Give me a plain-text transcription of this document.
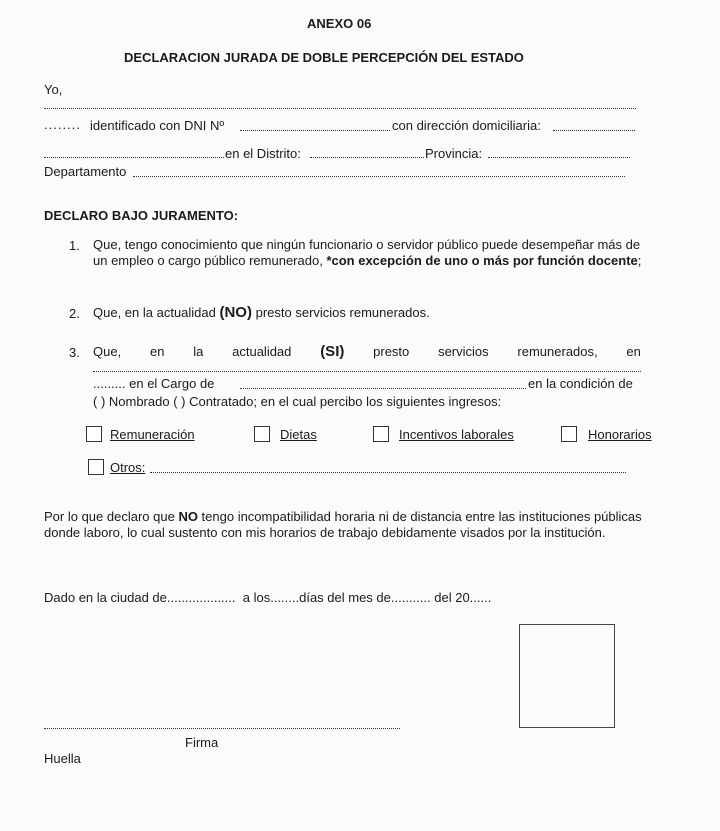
ANEXO 06
DECLARACION JURADA DE DOBLE PERCEPCIÓN DEL ESTADO
Yo,
........ identificado con DNI Nº	con dirección domiciliaria:
en el Distrito:	Provincia:
Departamento
DECLARO BAJO JURAMENTO:
1. Que, tengo conocimiento que ningún funcionario o servidor público puede desempeñar más de un empleo o cargo público remunerado, *con excepción de uno o más por función docente;
2. Que, en la actualidad (NO) presto servicios remunerados.
3. Que, en la actualidad (SI) presto servicios remunerados, en
......... en el Cargo de	en la condición de
( ) Nombrado ( ) Contratado; en el cual percibo los siguientes ingresos:
Remuneración	Dietas	Incentivos laborales	Honorarios
Otros:
Por lo que declaro que NO tengo incompatibilidad horaria ni de distancia entre las instituciones públicas donde laboro, lo cual sustento con mis horarios de trabajo debidamente visados por la institución.
Dado en la ciudad de................... a los........días del mes de........... del 20......
Firma
Huella
